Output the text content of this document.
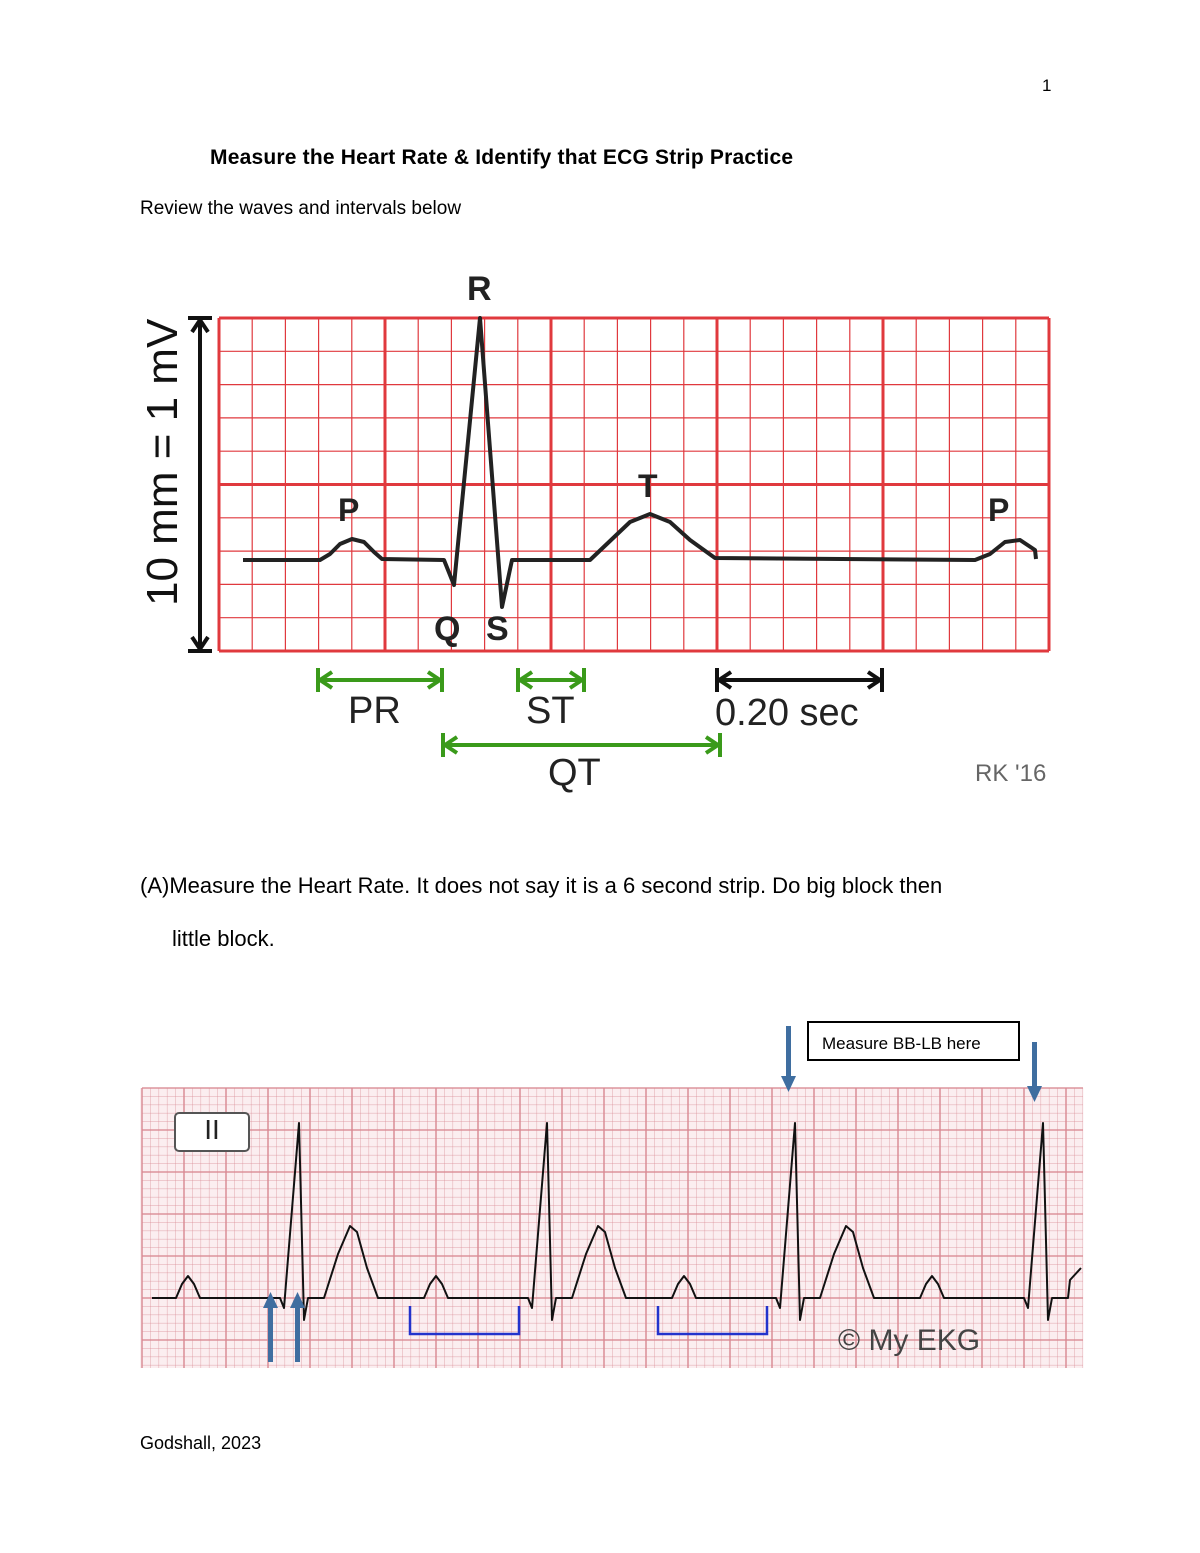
1
Measure the Heart Rate & Identify that ECG Strip Practice
Review the waves and intervals below
R
P
T
P
Q S
10 mm = 1 mV
PR	ST
QT
0.20 sec
RK '16
(A)Measure the Heart Rate. It does not say it is a 6 second strip. Do big block then
little block.
Measure BB-LB here
II
© My EKG
Godshall, 2023
